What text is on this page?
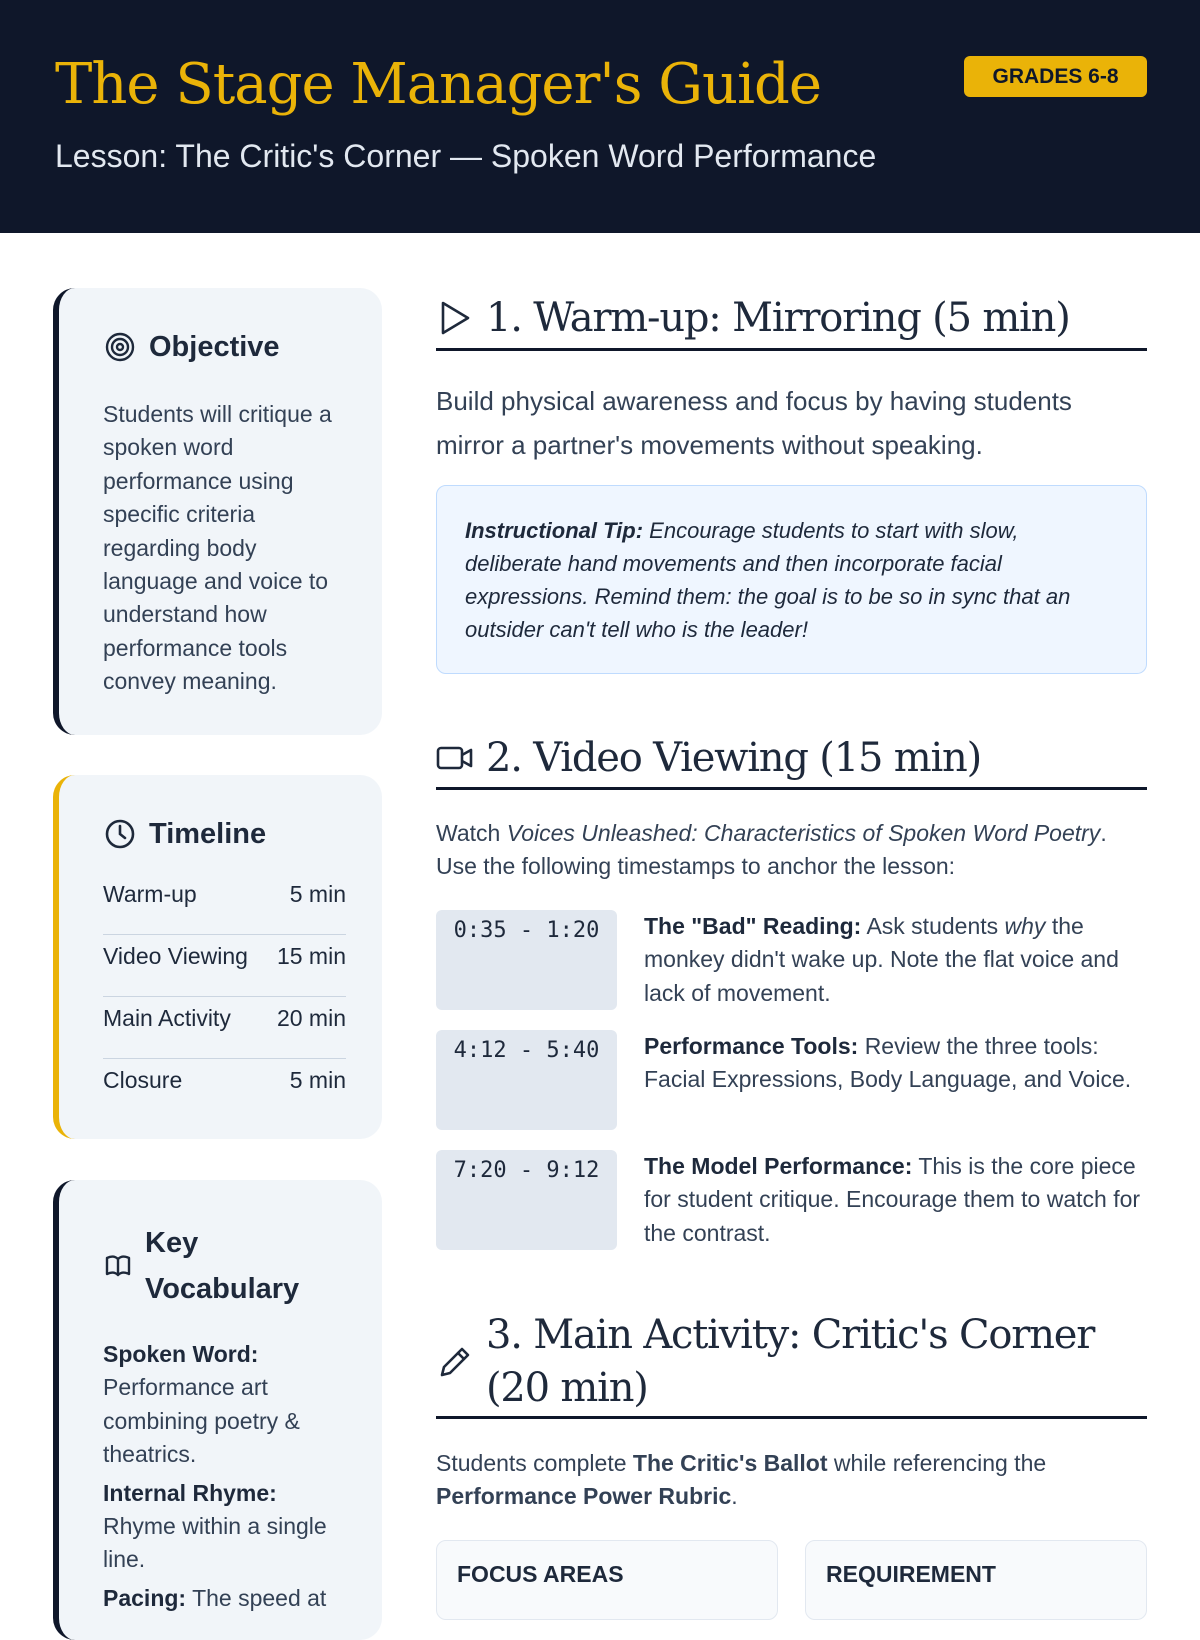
The Stage Manager's Guide
Lesson: The Critic's Corner — Spoken Word Performance
GRADES 6-8
Objective
Students will critique a spoken word performance using specific criteria regarding body language and voice to understand how performance tools convey meaning.
Timeline
Warm-up	5 min
Video Viewing 15 min
Main Activity 20 min
Closure	5 min
Key
Vocabulary
Spoken Word:
Performance art combining poetry & theatrics.
Internal Rhyme:
Rhyme within a single line.
Pacing: The speed at
1. Warm-up: Mirroring (5 min)
Build physical awareness and focus by having students mirror a partner's movements without speaking.
Instructional Tip: Encourage students to start with slow, deliberate hand movements and then incorporate facial expressions. Remind them: the goal is to be so in sync that an outsider can't tell who is the leader!
2. Video Viewing (15 min)
Watch Voices Unleashed: Characteristics of Spoken Word Poetry. Use the following timestamps to anchor the lesson:
0:35 - 1:20	The "Bad" Reading: Ask students why the monkey didn't wake up. Note the flat voice and lack of movement.
4:12 - 5:40	Performance Tools: Review the three tools: Facial Expressions, Body Language, and Voice.
7:20 - 9:12	The Model Performance: This is the core piece for student critique. Encourage them to watch for the contrast.
3. Main Activity: Critic's Corner (20 min)
Students complete The Critic's Ballot while referencing the Performance Power Rubric.
FOCUS AREAS	REQUIREMENT
